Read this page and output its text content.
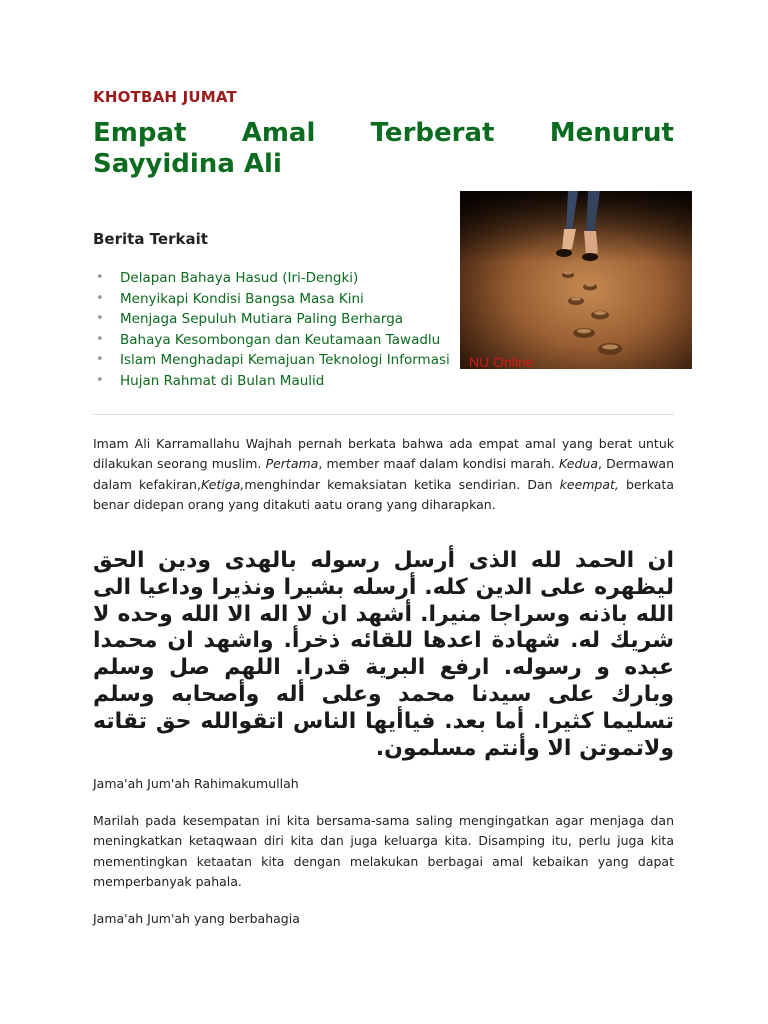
KHOTBAH JUMAT
Empat Amal Terberat Menurut Sayyidina Ali
NU Online
Berita Terkait
• Delapan Bahaya Hasud (Iri-Dengki)
• Menyikapi Kondisi Bangsa Masa Kini
• Menjaga Sepuluh Mutiara Paling Berharga
• Bahaya Kesombongan dan Keutamaan Tawadlu
• Islam Menghadapi Kemajuan Teknologi Informasi
• Hujan Rahmat di Bulan Maulid

Imam Ali Karramallahu Wajhah pernah berkata bahwa ada empat amal yang berat untuk dilakukan seorang muslim. Pertama, member maaf dalam kondisi marah. Kedua, Dermawan dalam kefakiran,Ketiga,menghindar kemaksiatan ketika sendirian. Dan keempat, berkata benar didepan orang yang ditakuti aatu orang yang diharapkan.

ان الحمد لله الذى أرسل رسوله بالهدى ودين الحق ليظهره على الدين كله. أرسله بشيرا ونذيرا وداعيا الى الله باذنه وسراجا منيرا. أشهد ان لا اله الا الله وحده لا شريك له. شهادة اعدها للقائه ذخرأ. واشهد ان محمدا عبده و رسوله. ارفع البرية قدرا. اللهم صل وسلم وبارك على سيدنا محمد وعلى أله وأصحابه وسلم تسليما كثيرا. أما بعد. فياأيها الناس اتقوالله حق تقاته ولاتموتن الا وأنتم مسلمون.

Jama'ah Jum'ah Rahimakumullah

Marilah pada kesempatan ini kita bersama-sama saling mengingatkan agar menjaga dan meningkatkan ketaqwaan diri kita dan juga keluarga kita. Disamping itu, perlu juga kita mementingkan ketaatan kita dengan melakukan berbagai amal kebaikan yang dapat memperbanyak pahala.

Jama'ah Jum'ah yang berbahagia
